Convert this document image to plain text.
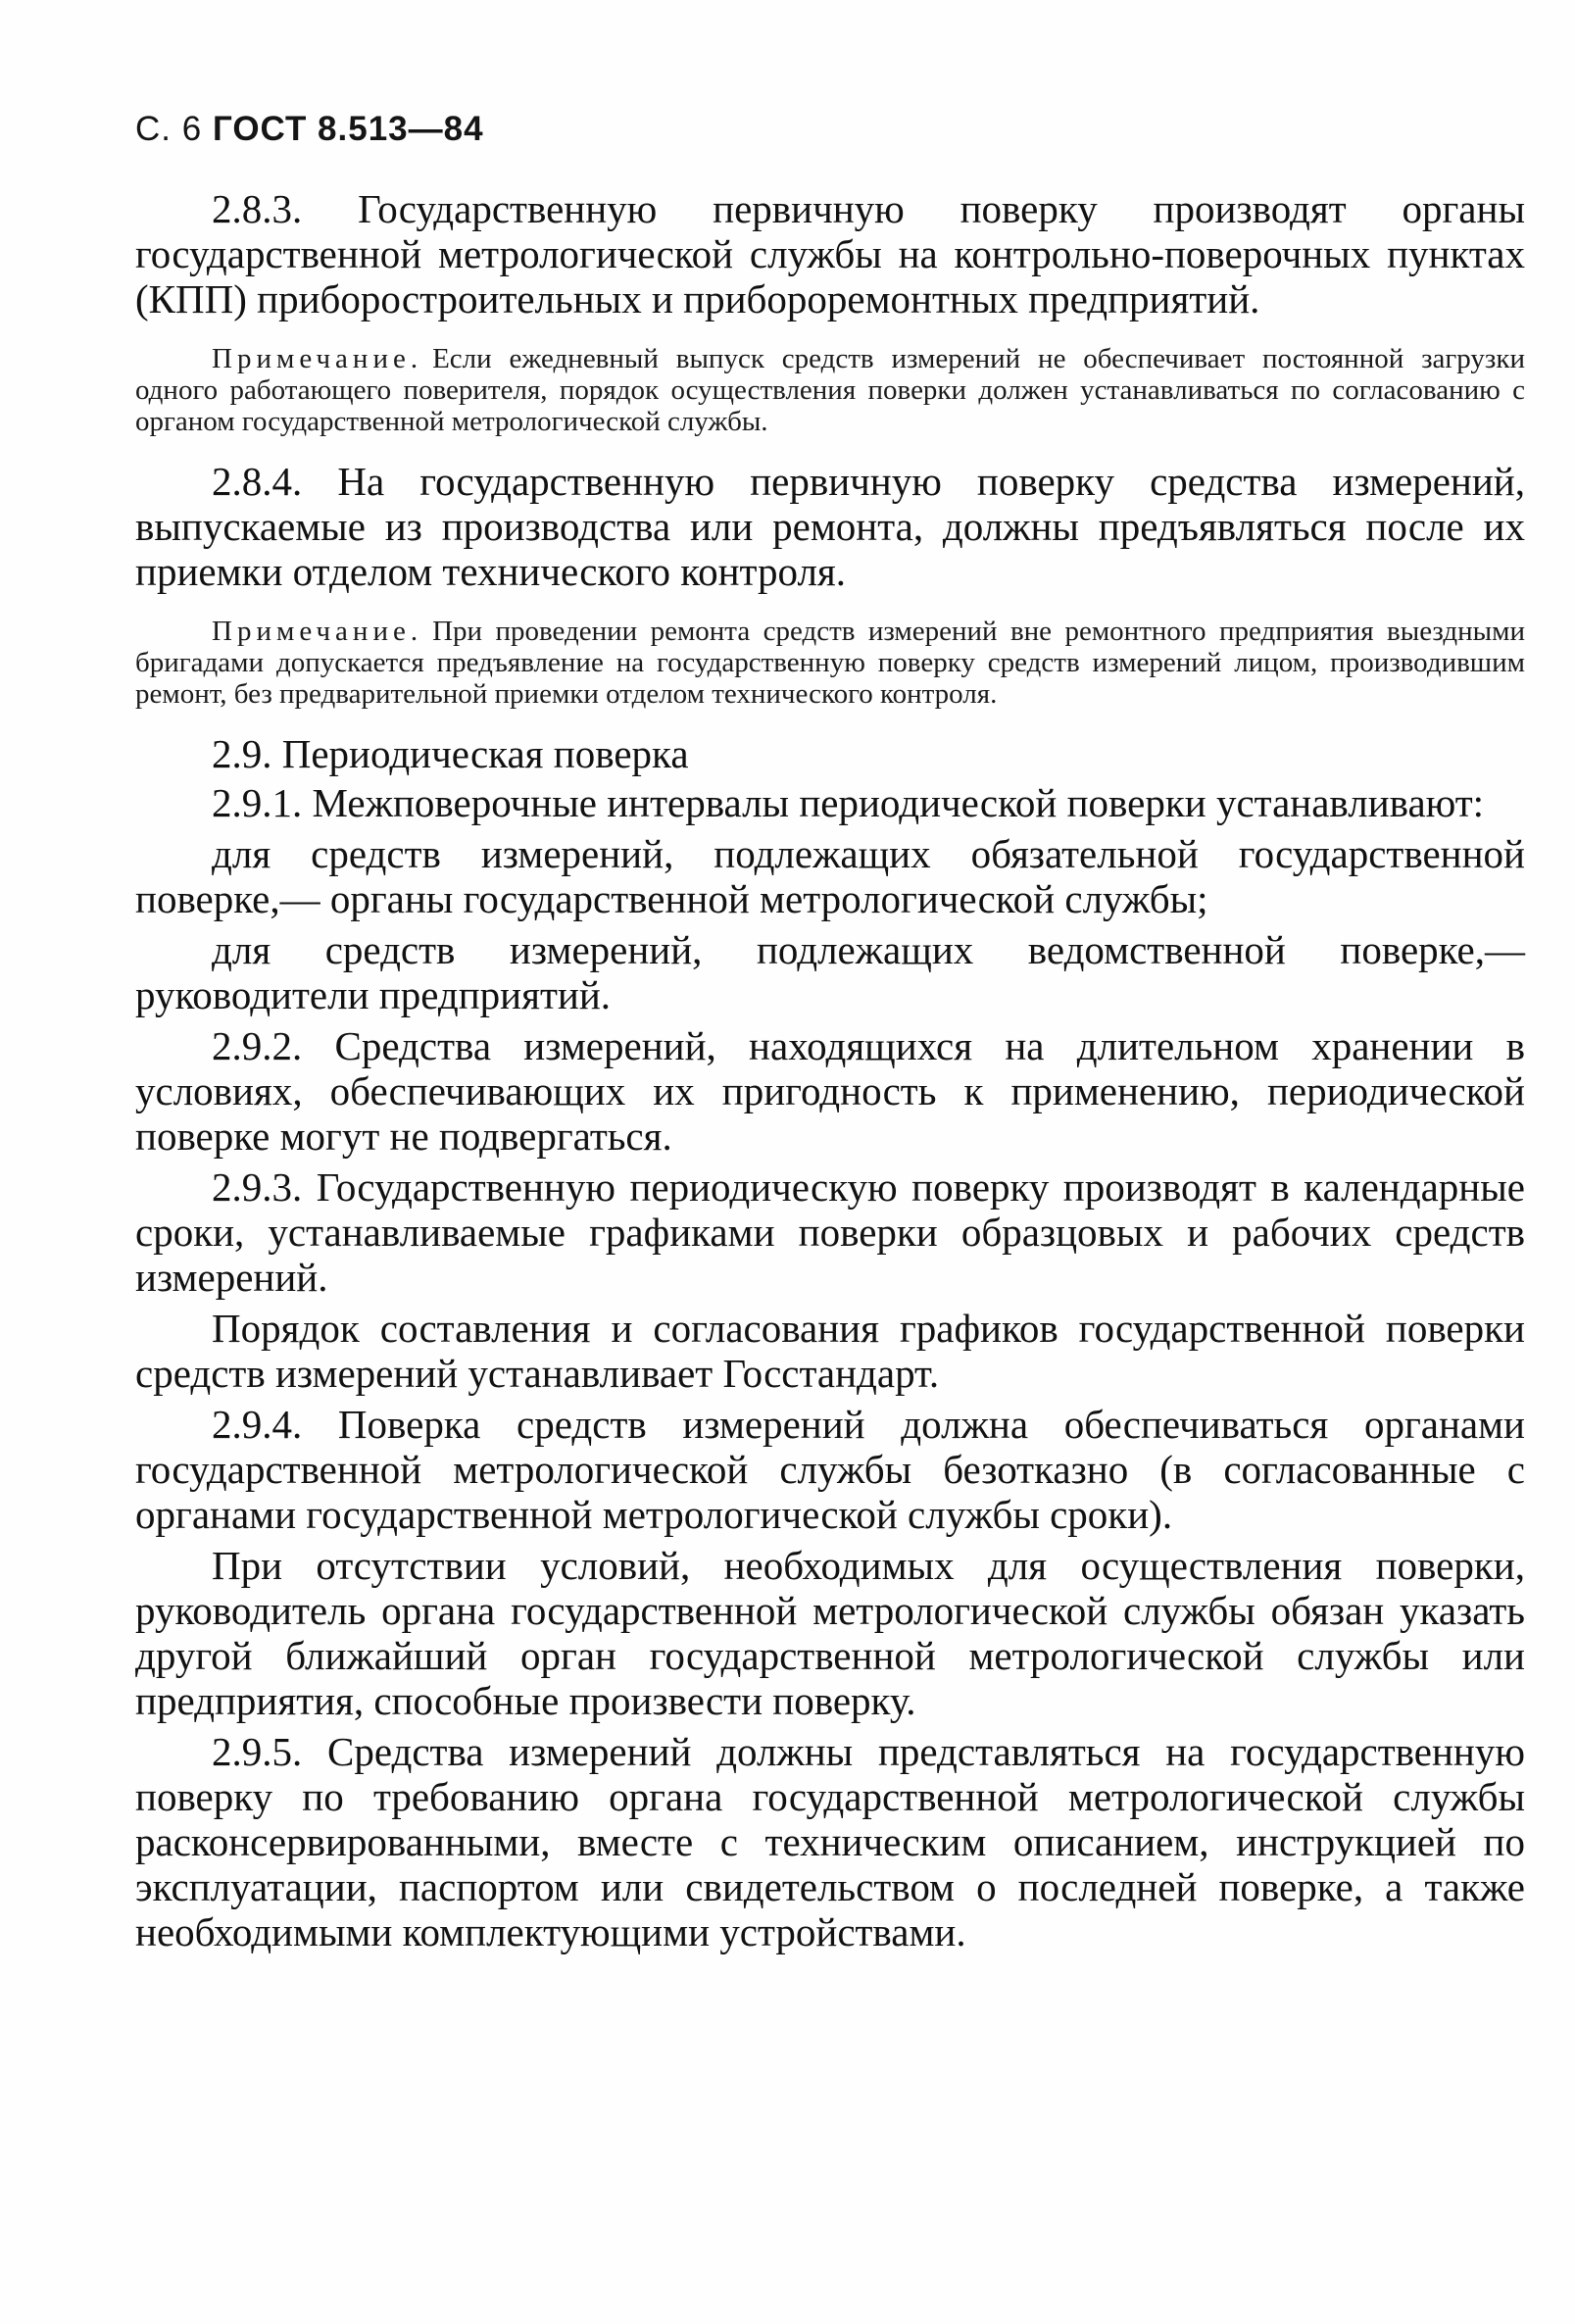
С. 6 ГОСТ 8.513—84

2.8.3. Государственную первичную поверку производят органы государственной метрологической службы на контрольно-поверочных пунктах (КПП) приборостроительных и приборoремонтных предприятий.

Примечание. Если ежедневный выпуск средств измерений не обеспечивает постоянной загрузки одного работающего поверителя, порядок осуществления поверки должен устанавливаться по согласованию с органом государственной метрологической службы.

2.8.4. На государственную первичную поверку средства измерений, выпускаемые из производства или ремонта, должны предъявляться после их приемки отделом технического контроля.

Примечание. При проведении ремонта средств измерений вне ремонтного предприятия выездными бригадами допускается предъявление на государственную поверку средств измерений лицом, производившим ремонт, без предварительной приемки отделом технического контроля.

2.9. Периодическая поверка

2.9.1. Межповерочные интервалы периодической поверки устанавливают:

для средств измерений, подлежащих обязательной государственной поверке,— органы государственной метрологической службы;

для средств измерений, подлежащих ведомственной поверке,— руководители предприятий.

2.9.2. Средства измерений, находящихся на длительном хранении в условиях, обеспечивающих их пригодность к применению, периодической поверке могут не подвергаться.

2.9.3. Государственную периодическую поверку производят в календарные сроки, устанавливаемые графиками поверки образцовых и рабочих средств измерений.

Порядок составления и согласования графиков государственной поверки средств измерений устанавливает Госстандарт.

2.9.4. Поверка средств измерений должна обеспечиваться органами государственной метрологической службы безотказно (в согласованные с органами государственной метрологической службы сроки).

При отсутствии условий, необходимых для осуществления поверки, руководитель органа государственной метрологической службы обязан указать другой ближайший орган государственной метрологической службы или предприятия, способные произвести поверку.

2.9.5. Средства измерений должны представляться на государственную поверку по требованию органа государственной метрологической службы расконсервированными, вместе с техническим описанием, инструкцией по эксплуатации, паспортом или свидетельством о последней поверке, а также необходимыми комплектующими устройствами.
